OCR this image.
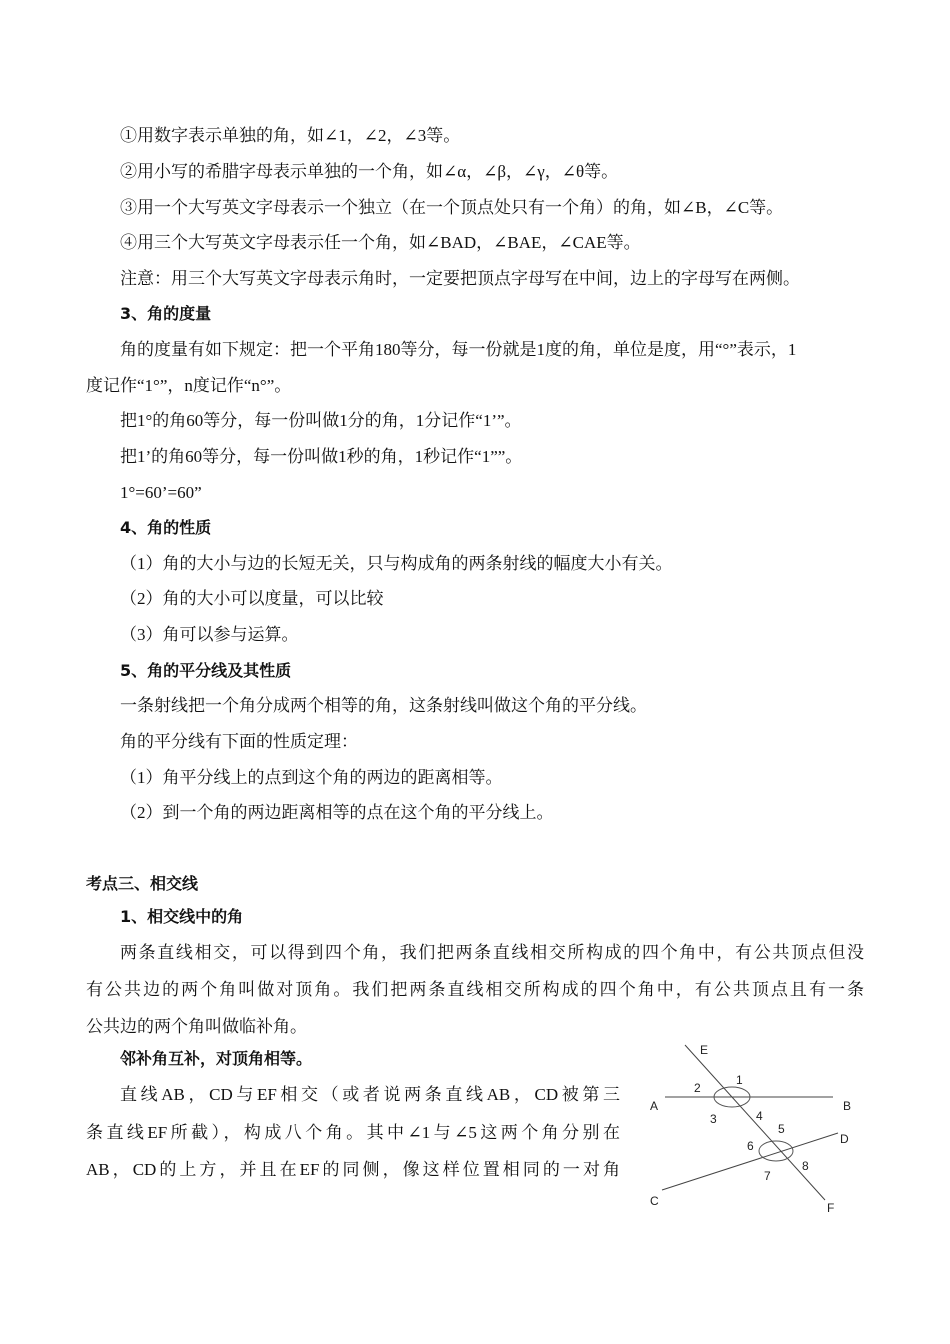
①用数字表示单独的角，如∠1，∠2，∠3等。
②用小写的希腊字母表示单独的一个角，如∠α，∠β，∠γ，∠θ等。
③用一个大写英文字母表示一个独立（在一个顶点处只有一个角）的角，如∠B，∠C等。
④用三个大写英文字母表示任一个角，如∠BAD，∠BAE，∠CAE等。
注意：用三个大写英文字母表示角时，一定要把顶点字母写在中间，边上的字母写在两侧。
3、角的度量
角的度量有如下规定：把一个平角180等分，每一份就是1度的角，单位是度，用“°”表示，1
度记作“1°”，n度记作“n°”。
把1°的角60等分，每一份叫做1分的角，1分记作“1’”。
把1’的角60等分，每一份叫做1秒的角，1秒记作“1””。
1°=60’=60”
4、角的性质
（1）角的大小与边的长短无关，只与构成角的两条射线的幅度大小有关。
（2）角的大小可以度量，可以比较
（3）角可以参与运算。
5、角的平分线及其性质
一条射线把一个角分成两个相等的角，这条射线叫做这个角的平分线。
角的平分线有下面的性质定理：
（1）角平分线上的点到这个角的两边的距离相等。
（2）到一个角的两边距离相等的点在这个角的平分线上。
考点三、相交线
1、相交线中的角
两条直线相交，可以得到四个角，我们把两条直线相交所构成的四个角中，有公共顶点但没
有公共边的两个角叫做对顶角。我们把两条直线相交所构成的四个角中，有公共顶点且有一条
公共边的两个角叫做临补角。
邻补角互补，对顶角相等。
直线AB，CD与EF相交（或者说两条直线AB，CD被第三
条直线EF所截），构成八个角。其中∠1与∠5这两个角分别在
AB，CD的上方，并且在EF的同侧，像这样位置相同的一对角
E
A	B
D
C	F
1
2
3	4
5
6
7
8
